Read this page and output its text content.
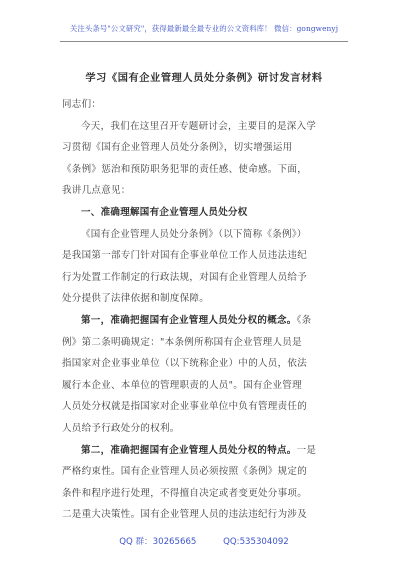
关注头条号"公文研究"，获得最新最全最专业的公文资料库！ 微信：gongwenyj
学习《国有企业管理人员处分条例》研讨发言材料
同志们：
今天，我们在这里召开专题研讨会，主要目的是深入学
习贯彻《国有企业管理人员处分条例》，切实增强运用
《条例》惩治和预防职务犯罪的责任感、使命感。下面，
我讲几点意见：
一、准确理解国有企业管理人员处分权
《国有企业管理人员处分条例》（以下简称《条例》）
是我国第一部专门针对国有企事业单位工作人员违法违纪
行为处置工作制定的行政法规，对国有企业管理人员给予
处分提供了法律依据和制度保障。
第一，准确把握国有企业管理人员处分权的概念。《条
例》第二条明确规定："本条例所称国有企业管理人员是
指国家对企业事业单位（以下统称企业）中的人员，依法
履行本企业、本单位的管理职责的人员"。国有企业管理
人员处分权就是指国家对企业事业单位中负有管理责任的
人员给予行政处分的权利。
第二，准确把握国有企业管理人员处分权的特点。一是
严格约束性。国有企业管理人员必须按照《条例》规定的
条件和程序进行处理，不得擅自决定或者变更处分事项。
二是重大决策性。国有企业管理人员的违法违纪行为涉及
QQ 群：30265665	QQ:535304092
